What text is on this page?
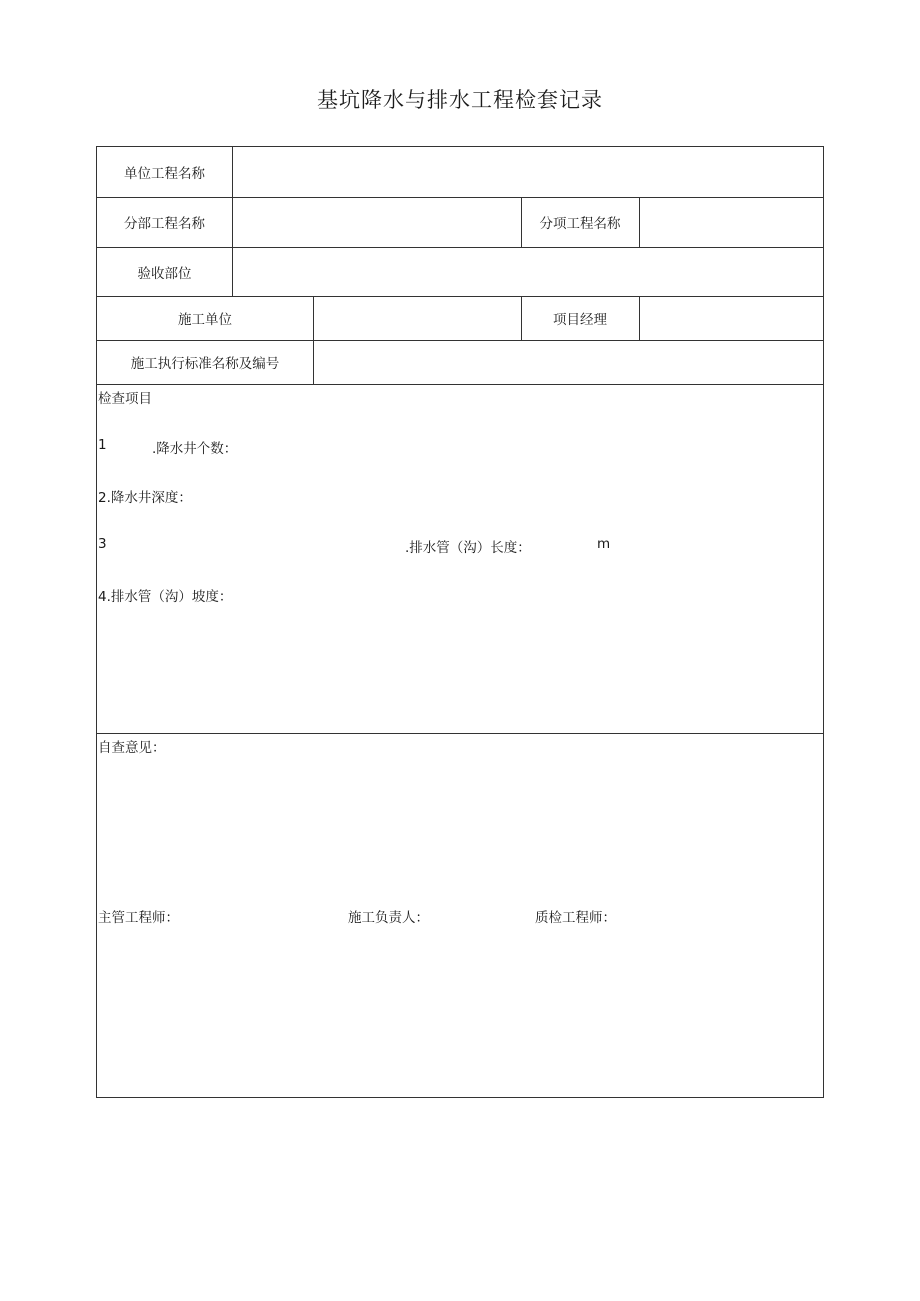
基坑降水与排水工程检套记录
单位工程名称
分部工程名称	分项工程名称
验收部位
施工单位	项目经理
施工执行标准名称及编号
检查项目
1	.降水井个数：
2.降水井深度：
3	.排水管（沟）长度：	m
4.排水管（沟）坡度：
自查意见：
主管工程师：	施工负责人：	质检工程师：
